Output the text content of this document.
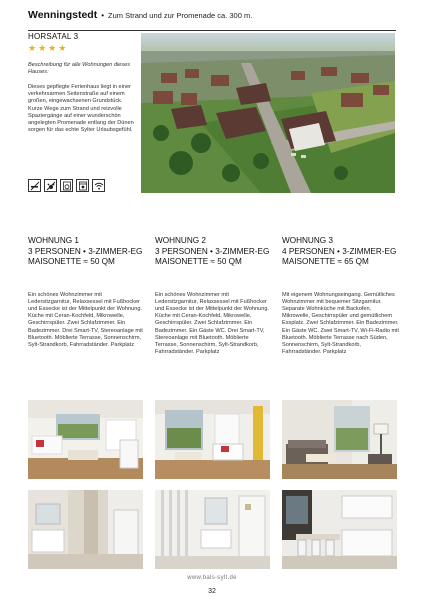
Wenningstedt • Zum Strand und zur Promenade ca. 300 m.
HORSATAL 3
★ ★ ★ ★
Beschreibung für alle Wohnungen dieses Hauses:
Dieses gepflegte Ferienhaus liegt in einer verkehrsarmen Seitenstraße auf einem großen, eingewachsenen Grundstück. Kurze Wege zum Strand und reizvolle Spaziergänge auf einer wunderschön angelegten Promenade entlang der Dünen sorgen für das echte Sylter Urlaubsgefühl.
WOHNUNG 1
3 PERSONEN • 3-ZIMMER-EG
MAISONETTE ≈ 50 QM
Ein schönes Wohnzimmer mit Ledersitzgarnitur, Relaxsessel mit Fußhocker und Essecke ist der Mittelpunkt der Wohnung. Küche mit Ceran-Kochfeld, Mikrowelle, Geschirrspüler. Zwei Schlafzimmer. Ein Badezimmer. Drei Smart-TV, Stereoanlage mit Bluetooth. Möblierte Terrasse, Sonnenschirm, Sylt-Strandkorb, Fahrradständer. Parkplatz
WOHNUNG 2
3 PERSONEN • 3-ZIMMER-EG
MAISONETTE ≈ 50 QM
Ein schönes Wohnzimmer mit Ledersitzgarnitur, Relaxsessel mit Fußhocker und Essecke ist der Mittelpunkt der Wohnung. Küche mit Ceran-Kochfeld, Mikrowelle, Geschirrspüler. Zwei Schlafzimmer. Ein Badezimmer. Ein Gäste WC. Drei Smart-TV, Stereoanlage mit Bluetooth. Möblierte Terrasse, Sonnenschirm, Sylt-Strandkorb, Fahrradständer. Parkplatz
WOHNUNG 3
4 PERSONEN • 3-ZIMMER-EG
MAISONETTE ≈ 65 QM
Mit eigenem Wohnungseingang. Gemütliches Wohnzimmer mit bequemer Sitzgarnitur. Separate Wohnküche mit Backofen, Mikrowelle, Geschirrspüler und gemütlichem Essplatz. Zwei Schlafzimmer. Ein Badezimmer. Ein Gäste WC. Zwei Smart-TV, Wi-Fi-Radio mit Bluetooth. Möblierte Terrasse nach Süden, Sonnenschirm, Sylt-Strandkorb, Fahrradständer. Parkplatz
www.bals-sylt.de
32
